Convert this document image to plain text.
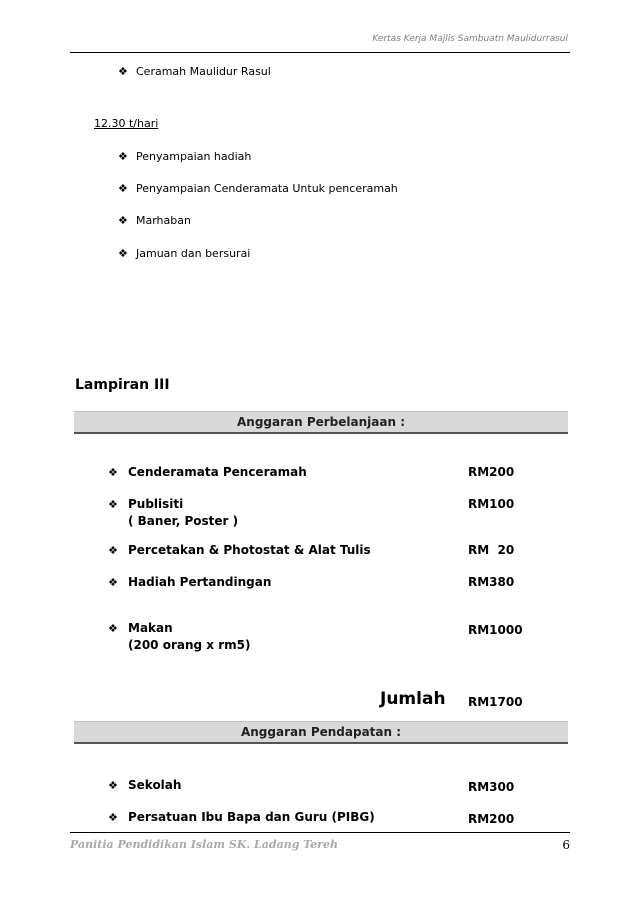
Kertas Kerja Majlis Sambuatn Maulidurrasul
❖ Ceramah Maulidur Rasul
12.30 t/hari
❖ Penyampaian hadiah
❖ Penyampaian Cenderamata Untuk penceramah
❖ Marhaban
❖ Jamuan dan bersurai
Lampiran III
Anggaran Perbelanjaan :
❖ Cenderamata Penceramah	RM200
❖ Publisiti
( Baner, Poster )
RM100
❖ Percetakan & Photostat & Alat Tulis	RM  20
❖ Hadiah Pertandingan	RM380
❖ Makan
(200 orang x rm5)
RM1000
Jumlah RM1700
Anggaran Pendapatan :
❖ Sekolah	RM300
❖ Persatuan Ibu Bapa dan Guru (PIBG)	RM200
Panitia Pendidikan Islam SK. Ladang Tereh	6
